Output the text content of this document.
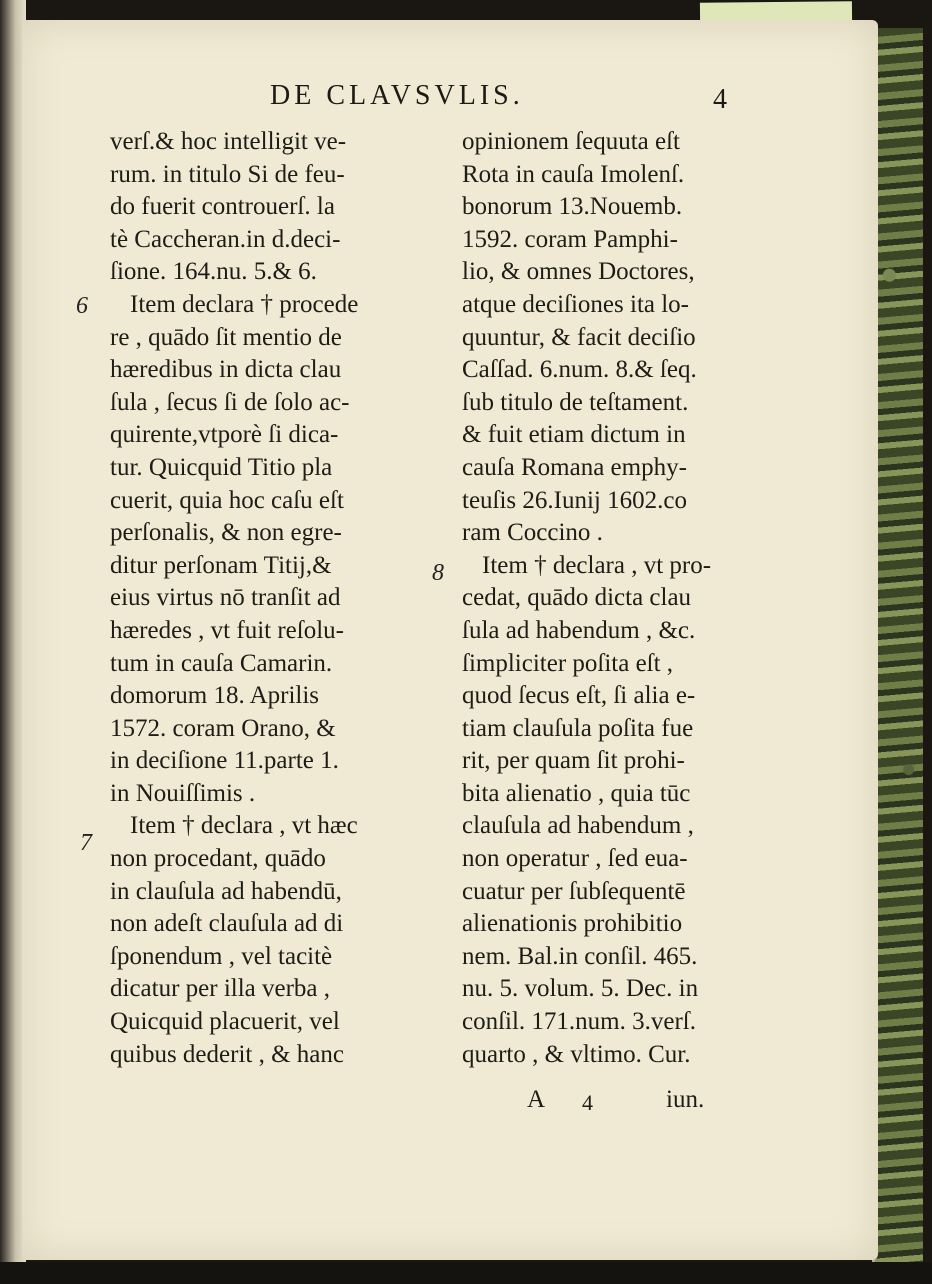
DE CLAVSVLIS.	4
6
7
8
verſ.& hoc intelligit ve-
rum. in titulo Si de feu-
do fuerit controuerſ. la
tè Caccheran.in d.deci-
ſione. 164.nu. 5.& 6.
Item declara † procede
re , quādo ſit mentio de
hæredibus in dicta clau
ſula , ſecus ſi de ſolo ac-
quirente,vtporè ſi dica-
tur. Quicquid Titio pla
cuerit, quia hoc caſu eſt
perſonalis, & non egre-
ditur perſonam Titij,&
eius virtus nō tranſit ad
hæredes , vt fuit reſolu-
tum in cauſa Camarin.
domorum 18. Aprilis
1572. coram Orano, &
in deciſione 11.parte 1.
in Nouiſſimis .
Item † declara , vt hæc
non procedant, quādo
in clauſula ad habendū,
non adeſt clauſula ad di
ſponendum , vel tacitè
dicatur per illa verba ,
Quicquid placuerit, vel
quibus dederit , & hanc
opinionem ſequuta eſt
Rota in cauſa Imolenſ.
bonorum 13.Nouemb.
1592. coram Pamphi-
lio, & omnes Doctores,
atque deciſiones ita lo-
quuntur, & facit deciſio
Caſſad. 6.num. 8.& ſeq.
ſub titulo de teſtament.
& fuit etiam dictum in
cauſa Romana emphy-
teuſis 26.Iunij 1602.co
ram Coccino .
Item † declara , vt pro-
cedat, quādo dicta clau
ſula ad habendum , &c.
ſimpliciter poſita eſt ,
quod ſecus eſt, ſi alia e-
tiam clauſula poſita fue
rit, per quam ſit prohi-
bita alienatio , quia tūc
clauſula ad habendum ,
non operatur , ſed eua-
cuatur per ſubſequentē
alienationis prohibitio
nem. Bal.in conſil. 465.
nu. 5. volum. 5. Dec. in
conſil. 171.num. 3.verſ.
quarto , & vltimo. Cur.
A 4	iun.
